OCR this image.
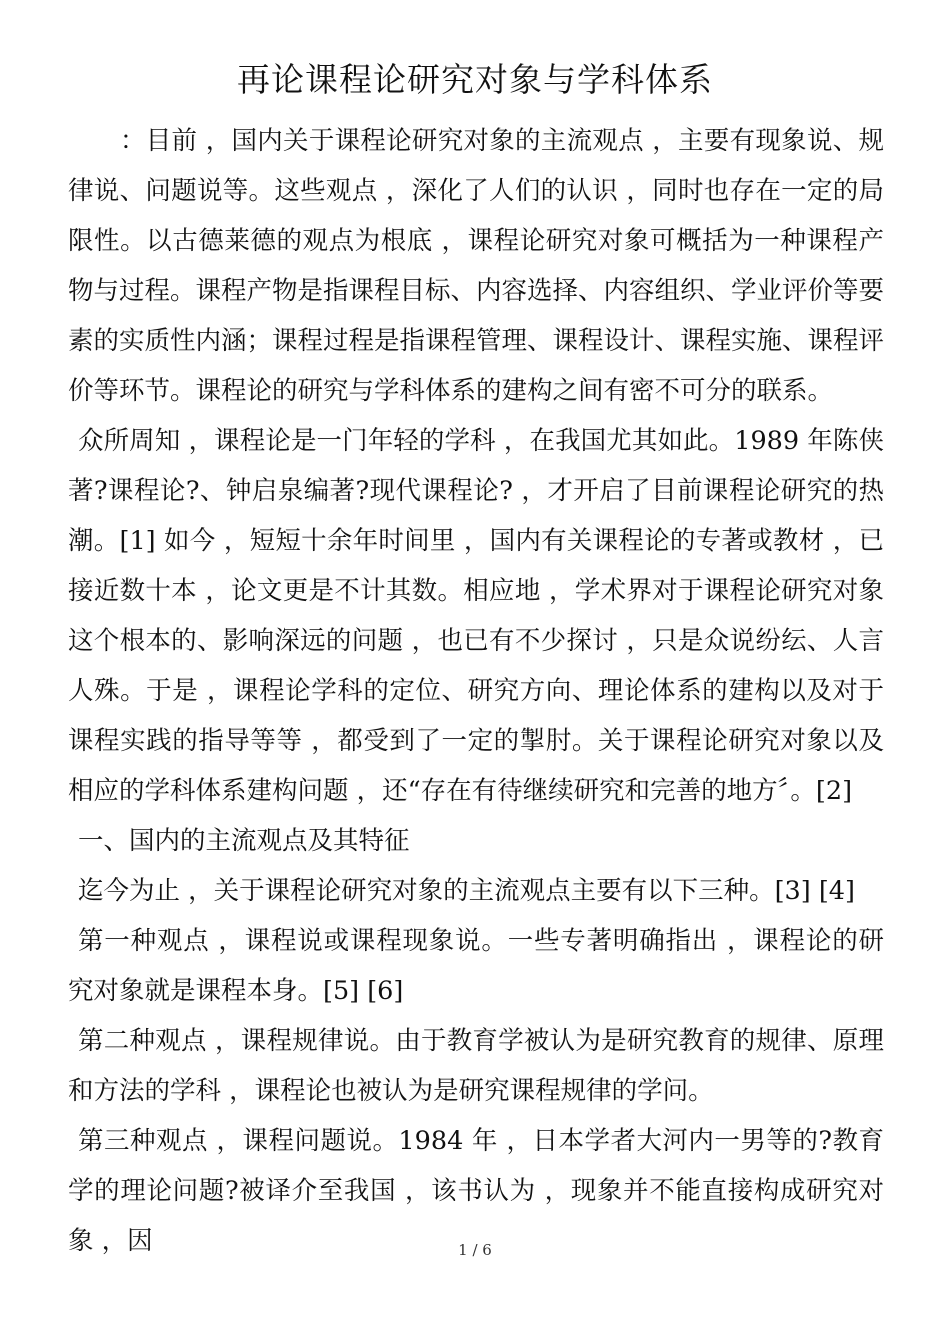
再论课程论研究对象与学科体系

：目前 ，国内关于课程论研究对象的主流观点 ，主要有现象说、规律说、问题说等。这些观点 ，深化了人们的认识 ，同时也存在一定的局限性。以古德莱德的观点为根底 ，课程论研究对象可概括为一种课程产物与过程。课程产物是指课程目标、内容选择、内容组织、学业评价等要素的实质性内涵；课程过程是指课程管理、课程设计、课程实施、课程评价等环节。课程论的研究与学科体系的建构之间有密不可分的联系。

众所周知 ，课程论是一门年轻的学科 ，在我国尤其如此。1989 年陈侠著?课程论?、钟启泉编著?现代课程论? ，才开启了目前课程论研究的热潮。[1] 如今 ，短短十余年时间里 ，国内有关课程论的专著或教材 ，已接近数十本 ，论文更是不计其数。相应地 ，学术界对于课程论研究对象这个根本的、影响深远的问题 ，也已有不少探讨 ，只是众说纷纭、人言人殊。于是 ，课程论学科的定位、研究方向、理论体系的建构以及对于课程实践的指导等等 ，都受到了一定的掣肘。关于课程论研究对象以及相应的学科体系建构问题 ，还“存在有待继续研究和完善的地方〞。[2]

一、国内的主流观点及其特征

迄今为止 ，关于课程论研究对象的主流观点主要有以下三种。[3] [4]

第一种观点 ，课程说或课程现象说。一些专著明确指出 ，课程论的研究对象就是课程本身。[5] [6]

第二种观点 ，课程规律说。由于教育学被认为是研究教育的规律、原理和方法的学科 ，课程论也被认为是研究课程规律的学问。

第三种观点 ，课程问题说。1984 年 ，日本学者大河内一男等的?教育学的理论问题?被译介至我国 ，该书认为 ，现象并不能直接构成研究对象 ，因	1 / 6
